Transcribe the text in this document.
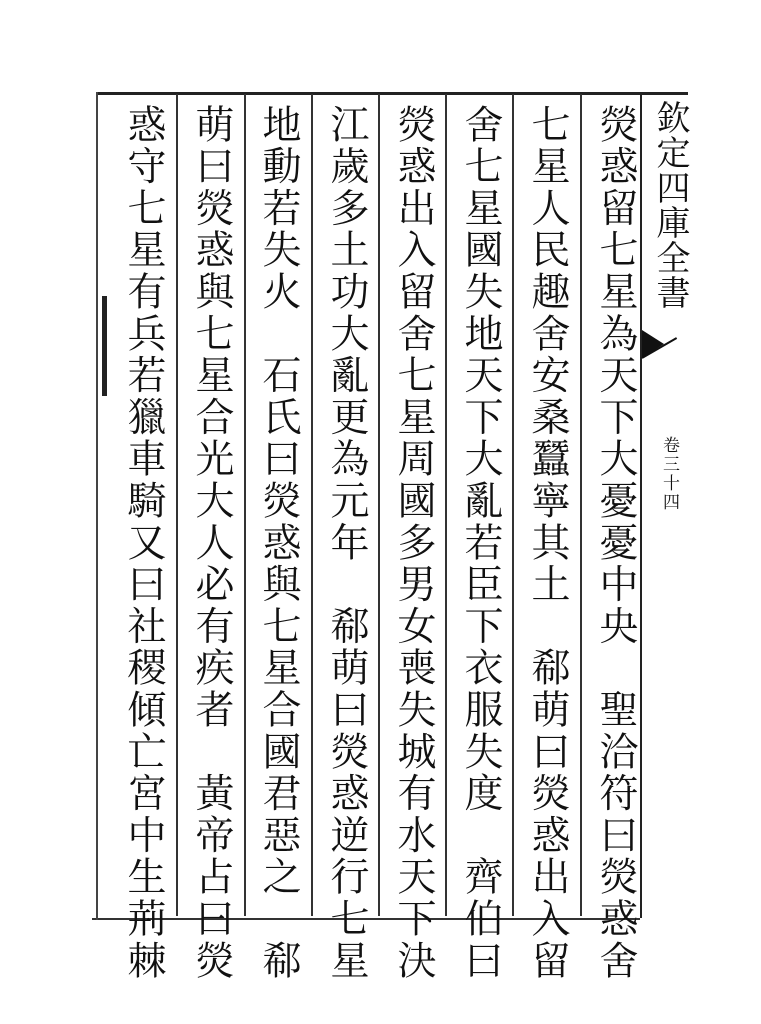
欽定四庫全書
卷三十四
熒惑留七星為天下大憂憂中央　聖洽符曰熒惑舍
七星人民趣舍安桑蠶寧其土　郗萌曰熒惑出入留
舍七星國失地天下大亂若臣下衣服失度　齊伯曰
熒惑出入留舍七星周國多男女喪失城有水天下決
江歲多土功大亂更為元年　郗萌曰熒惑逆行七星
地動若失火　石氏曰熒惑與七星合國君惡之　郗
萌曰熒惑與七星合光大人必有疾者　黃帝占曰熒
惑守七星有兵若獵車騎又曰社稷傾亡宮中生荊棘
